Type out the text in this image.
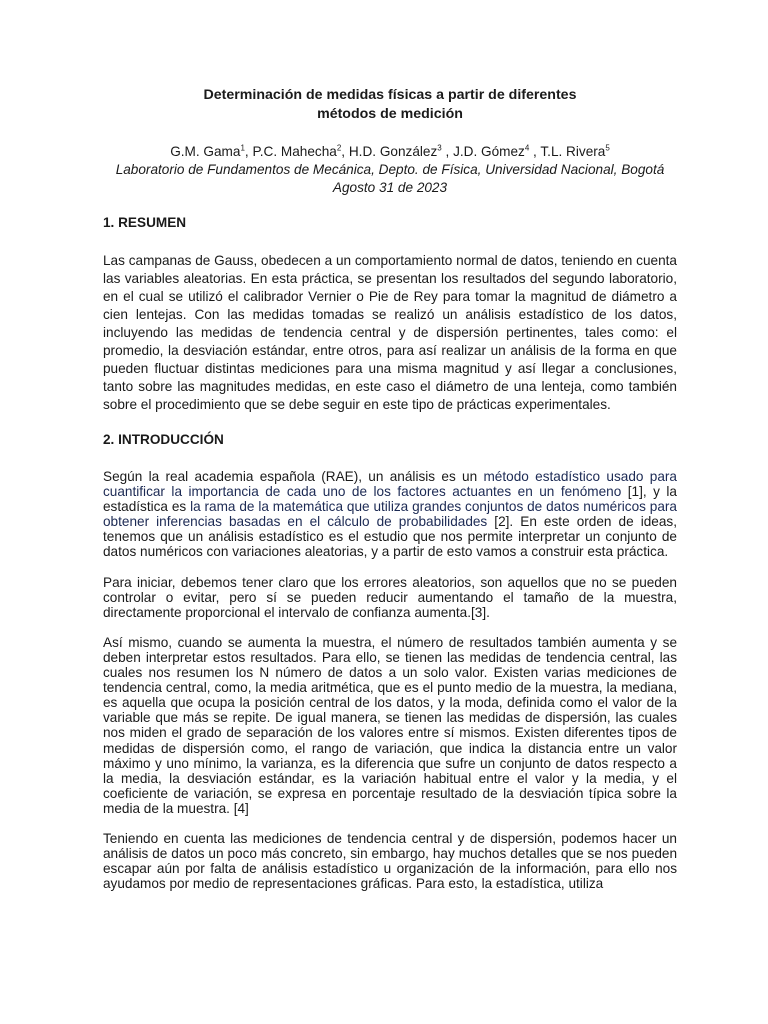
Determinación de medidas físicas a partir de diferentes
métodos de medición
G.M. Gama$^1$, P.C. Mahecha$^2$, H.D. González$^3$ , J.D. Gómez$^4$ , T.L. Rivera$^5$
Laboratorio de Fundamentos de Mecánica, Depto. de Física, Universidad Nacional, Bogotá
Agosto 31 de 2023
1. RESUMEN

Las campanas de Gauss, obedecen a un comportamiento normal de datos, teniendo en cuenta las variables aleatorias. En esta práctica, se presentan los resultados del segundo laboratorio, en el cual se utilizó el calibrador Vernier o Pie de Rey para tomar la magnitud de diámetro a cien lentejas. Con las medidas tomadas se realizó un análisis estadístico de los datos, incluyendo las medidas de tendencia central y de dispersión pertinentes, tales como: el promedio, la desviación estándar, entre otros, para así realizar un análisis de la forma en que pueden fluctuar distintas mediciones para una misma magnitud y así llegar a conclusiones, tanto sobre las magnitudes medidas, en este caso el diámetro de una lenteja, como también sobre el procedimiento que se debe seguir en este tipo de prácticas experimentales.

2. INTRODUCCIÓN

Según la real academia española (RAE), un análisis es un método estadístico usado para cuantificar la importancia de cada uno de los factores actuantes en un fenómeno [1], y la estadística es la rama de la matemática que utiliza grandes conjuntos de datos numéricos para obtener inferencias basadas en el cálculo de probabilidades [2]. En este orden de ideas, tenemos que un análisis estadístico es el estudio que nos permite interpretar un conjunto de datos numéricos con variaciones aleatorias, y a partir de esto vamos a construir esta práctica.

Para iniciar, debemos tener claro que los errores aleatorios, son aquellos que no se pueden controlar o evitar, pero sí se pueden reducir aumentando el tamaño de la muestra, directamente proporcional el intervalo de confianza aumenta.[3].

Así mismo, cuando se aumenta la muestra, el número de resultados también aumenta y se deben interpretar estos resultados. Para ello, se tienen las medidas de tendencia central, las cuales nos resumen los N número de datos a un solo valor. Existen varias mediciones de tendencia central, como, la media aritmética, que es el punto medio de la muestra, la mediana, es aquella que ocupa la posición central de los datos, y la moda, definida como el valor de la variable que más se repite. De igual manera, se tienen las medidas de dispersión, las cuales nos miden el grado de separación de los valores entre sí mismos. Existen diferentes tipos de medidas de dispersión como, el rango de variación, que indica la distancia entre un valor máximo y uno mínimo, la varianza, es la diferencia que sufre un conjunto de datos respecto a la media, la desviación estándar, es la variación habitual entre el valor y la media, y el coeficiente de variación, se expresa en porcentaje resultado de la desviación típica sobre la media de la muestra. [4]

Teniendo en cuenta las mediciones de tendencia central y de dispersión, podemos hacer un análisis de datos un poco más concreto, sin embargo, hay muchos detalles que se nos pueden escapar aún por falta de análisis estadístico u organización de la información, para ello nos ayudamos por medio de representaciones gráficas. Para esto, la estadística, utiliza
